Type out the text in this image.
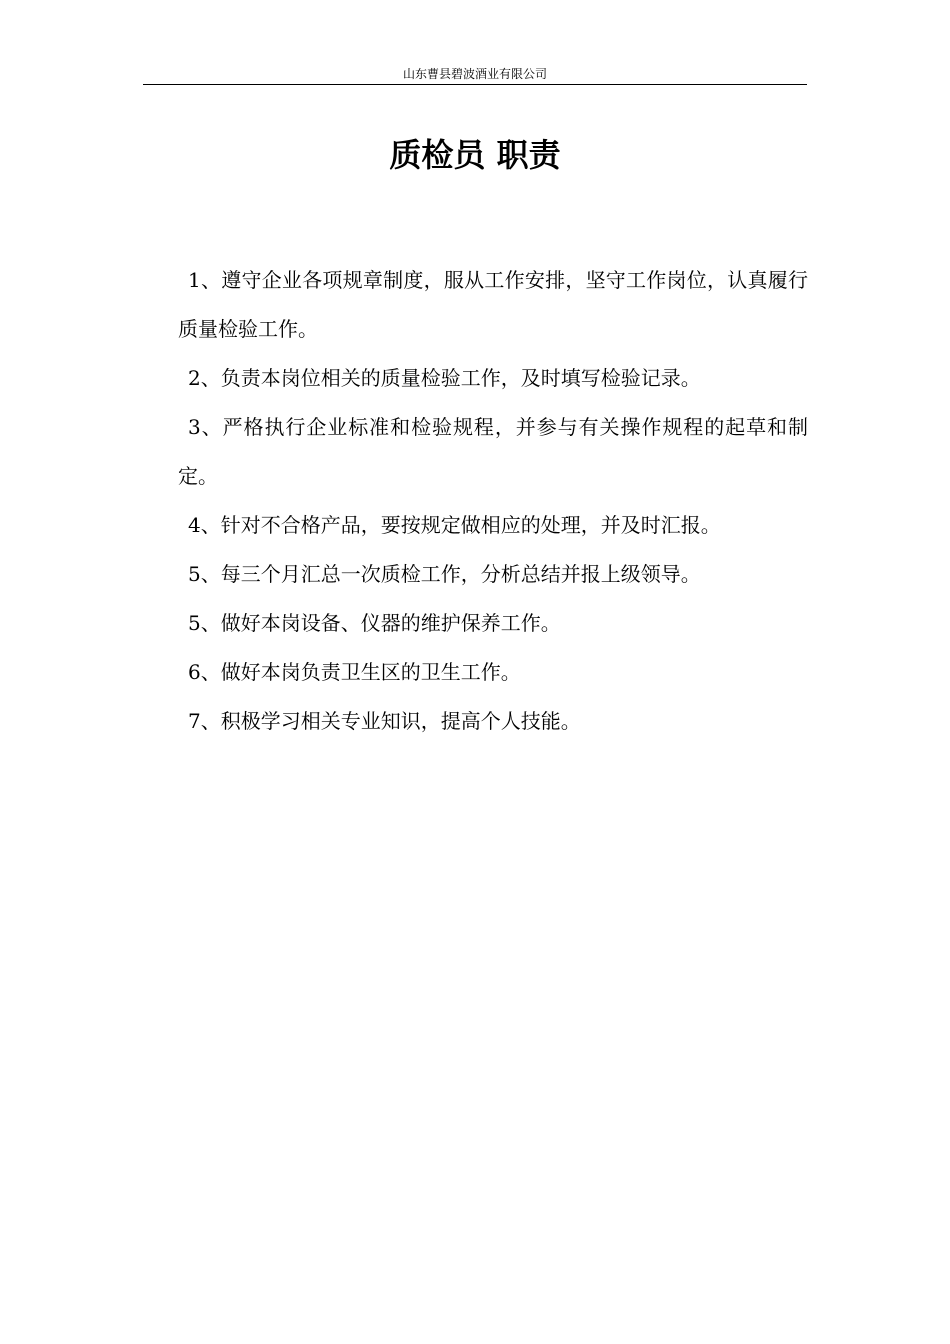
山东曹县碧波酒业有限公司
质检员 职责

1、遵守企业各项规章制度，服从工作安排，坚守工作岗位，认真履行质量检验工作。

2、负责本岗位相关的质量检验工作，及时填写检验记录。

3、严格执行企业标准和检验规程，并参与有关操作规程的起草和制定。

4、针对不合格产品，要按规定做相应的处理，并及时汇报。

5、每三个月汇总一次质检工作，分析总结并报上级领导。

5、做好本岗设备、仪器的维护保养工作。

6、做好本岗负责卫生区的卫生工作。

7、积极学习相关专业知识，提高个人技能。
